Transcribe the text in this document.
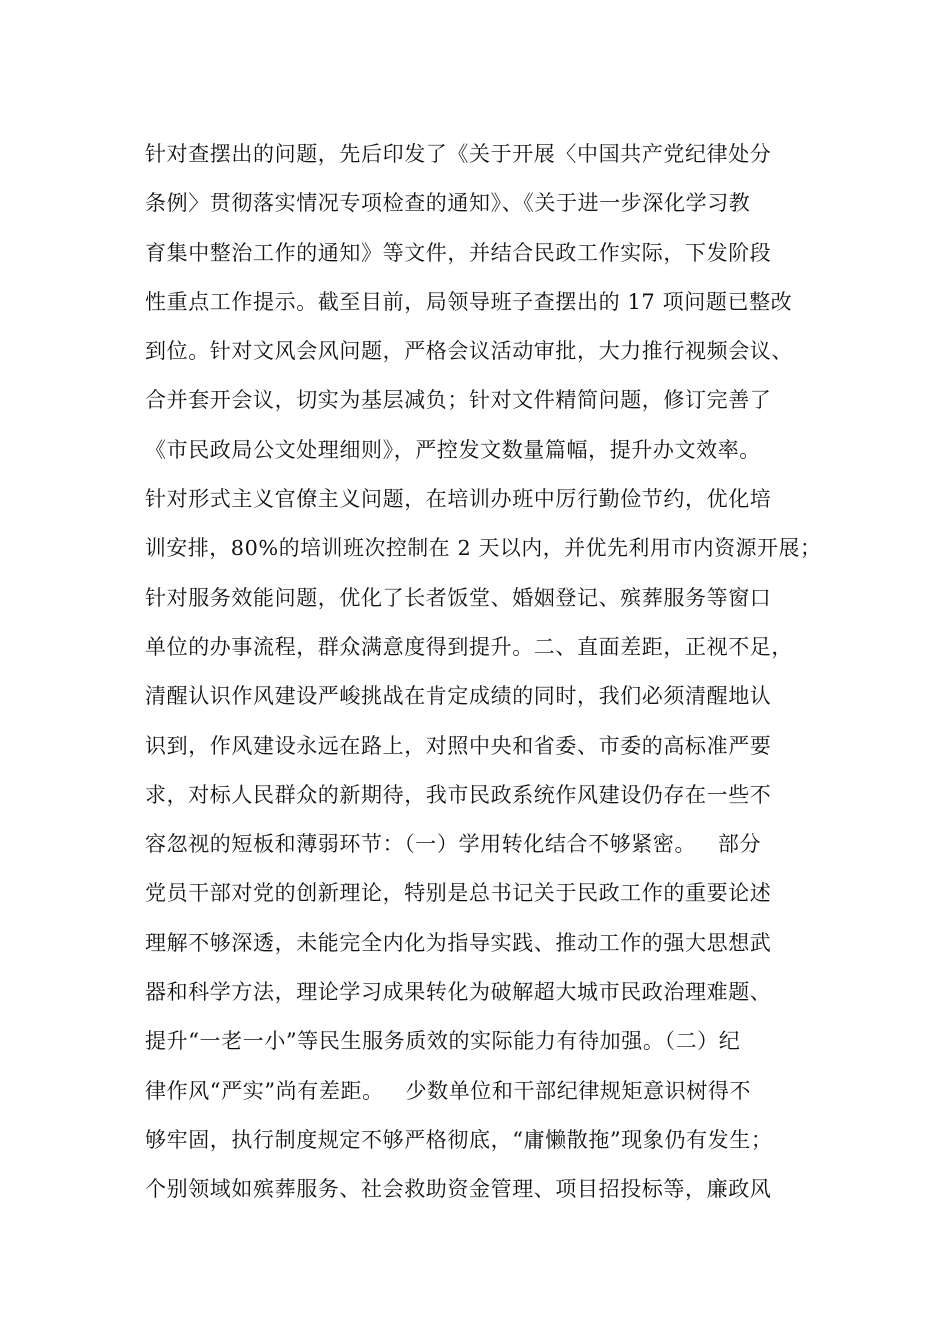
针对查摆出的问题，先后印发了《关于开展〈中国共产党纪律处分
条例〉贯彻落实情况专项检查的通知》、《关于进一步深化学习教
育集中整治工作的通知》等文件，并结合民政工作实际，下发阶段
性重点工作提示。截至目前，局领导班子查摆出的 17 项问题已整改
到位。针对文风会风问题，严格会议活动审批，大力推行视频会议、
合并套开会议，切实为基层减负；针对文件精简问题，修订完善了
《市民政局公文处理细则》，严控发文数量篇幅，提升办文效率。
针对形式主义官僚主义问题，在培训办班中厉行勤俭节约，优化培
训安排，80%的培训班次控制在 2 天以内，并优先利用市内资源开展；
针对服务效能问题，优化了长者饭堂、婚姻登记、殡葬服务等窗口
单位的办事流程，群众满意度得到提升。二、直面差距，正视不足，
清醒认识作风建设严峻挑战在肯定成绩的同时，我们必须清醒地认
识到，作风建设永远在路上，对照中央和省委、市委的高标准严要
求，对标人民群众的新期待，我市民政系统作风建设仍存在一些不
容忽视的短板和薄弱环节：（一）学用转化结合不够紧密。   部分
党员干部对党的创新理论，特别是总书记关于民政工作的重要论述
理解不够深透，未能完全内化为指导实践、推动工作的强大思想武
器和科学方法，理论学习成果转化为破解超大城市民政治理难题、
提升“一老一小”等民生服务质效的实际能力有待加强。（二）纪
律作风“严实”尚有差距。   少数单位和干部纪律规矩意识树得不
够牢固，执行制度规定不够严格彻底，“庸懒散拖”现象仍有发生；
个别领域如殡葬服务、社会救助资金管理、项目招投标等，廉政风
